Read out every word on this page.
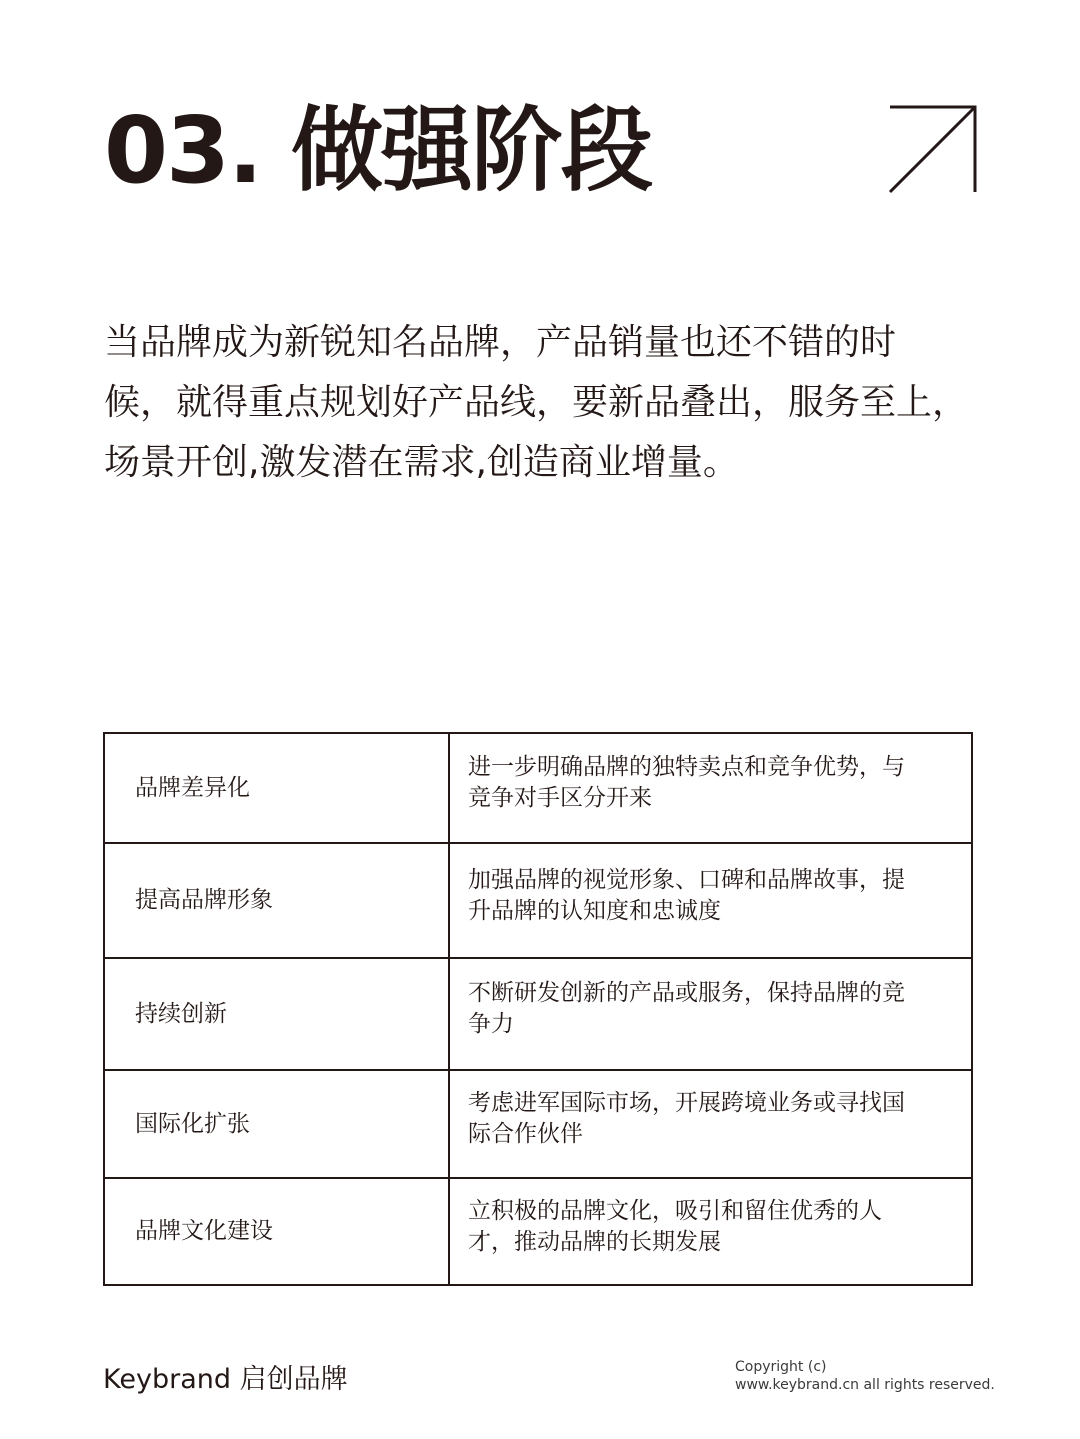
03. 做强阶段

当品牌成为新锐知名品牌，产品销量也还不错的时

候，就得重点规划好产品线，要新品叠出，服务至上，

场景开创,激发潜在需求,创造商业增量。

品牌差异化	进一步明确品牌的独特卖点和竞争优势，与
竞争对手区分开来

提高品牌形象	加强品牌的视觉形象、口碑和品牌故事，提
升品牌的认知度和忠诚度

持续创新	不断研发创新的产品或服务，保持品牌的竞
争力

国际化扩张	考虑进军国际市场，开展跨境业务或寻找国
际合作伙伴

品牌文化建设	立积极的品牌文化，吸引和留住优秀的人
才，推动品牌的长期发展
Keybrand 启创品牌	Copyright (c)
www.keybrand.cn all rights reserved.
